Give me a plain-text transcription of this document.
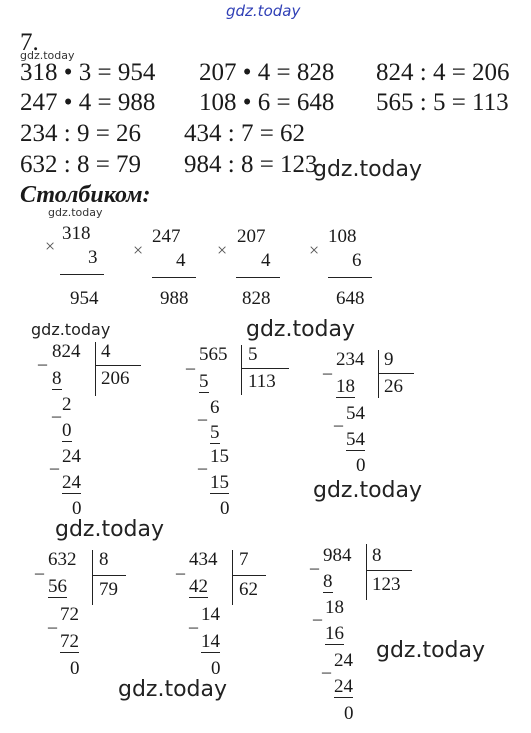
gdz.today
gdz.today
gdz.today
gdz.today
gdz.today	gdz.today
gdz.today
gdz.today
gdz.today
gdz.today
7.
318 • 3 = 954 207 • 4 = 828 824 : 4 = 206
247 • 4 = 988 108 • 6 = 648 565 : 5 = 113
234 : 9 = 26 434 : 7 = 62
632 : 8 = 79 984 : 8 = 123
Столбиком:
×
318
3
954
×
247
4
988
×
207
4
828
×
108
6
648
_ 824 4
206
8
_ 2
0
_ 24
24
0
_ 565 5
113
5
_ 6
5
_ 15
15
0
_ 234 9
26
18
_ 54
54
0
_ 632 8
79
56
_ 72
72
0
_ 434 7
62
42
_ 14
14
0
_ 984 8
123
8
_ 18
16
_ 24
24
0
